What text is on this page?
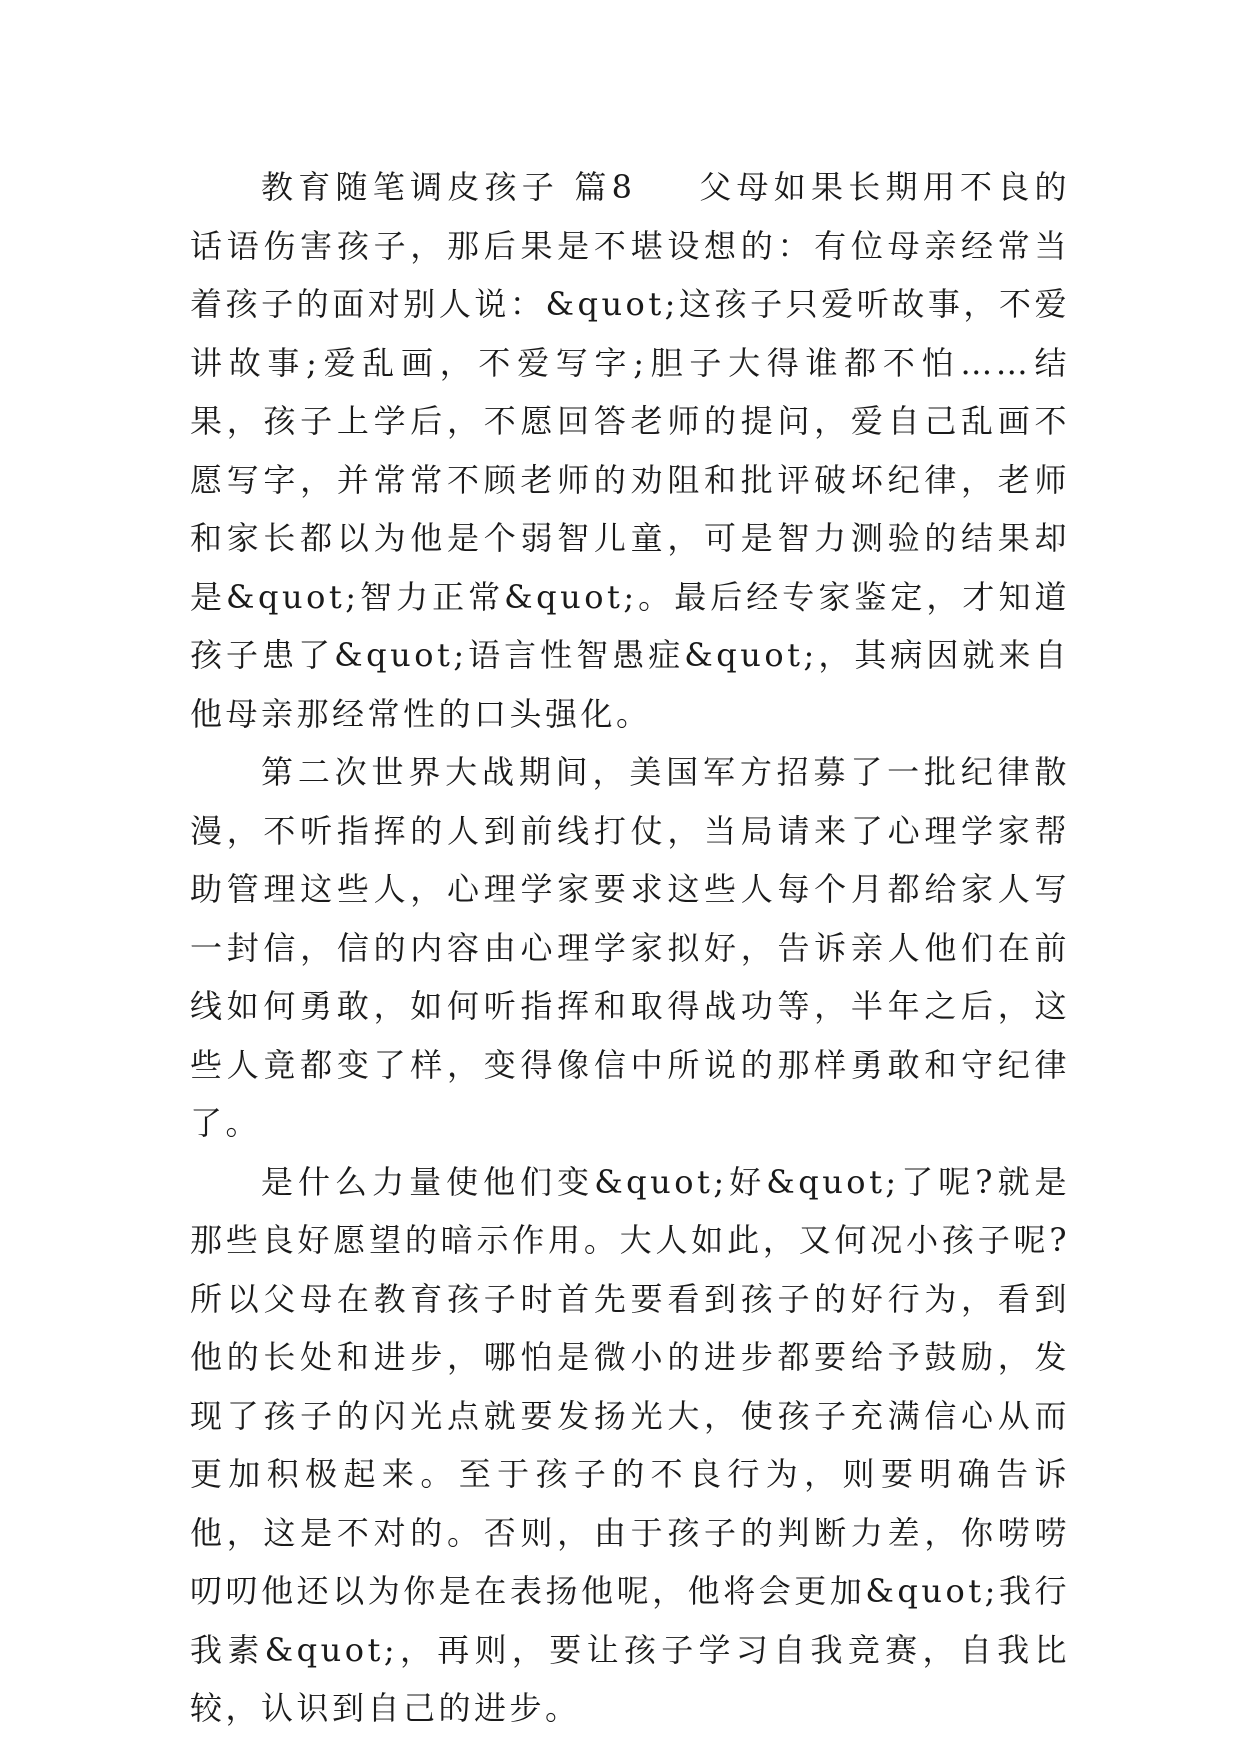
教育随笔调皮孩子 篇8 父母如果长期用不良的话语伤害孩子，那后果是不堪设想的：有位母亲经常当着孩子的面对别人说：&quot;这孩子只爱听故事，不爱讲故事;爱乱画，不爱写字;胆子大得谁都不怕……结果，孩子上学后，不愿回答老师的提问，爱自己乱画不愿写字，并常常不顾老师的劝阻和批评破坏纪律，老师和家长都以为他是个弱智儿童，可是智力测验的结果却是&quot;智力正常&quot;。最后经专家鉴定，才知道孩子患了&quot;语言性智愚症&quot;，其病因就来自他母亲那经常性的口头强化。

第二次世界大战期间，美国军方招募了一批纪律散漫，不听指挥的人到前线打仗，当局请来了心理学家帮助管理这些人，心理学家要求这些人每个月都给家人写一封信，信的内容由心理学家拟好，告诉亲人他们在前线如何勇敢，如何听指挥和取得战功等，半年之后，这些人竟都变了样，变得像信中所说的那样勇敢和守纪律了。

是什么力量使他们变&quot;好&quot;了呢?就是那些良好愿望的暗示作用。大人如此，又何况小孩子呢?所以父母在教育孩子时首先要看到孩子的好行为，看到他的长处和进步，哪怕是微小的进步都要给予鼓励，发现了孩子的闪光点就要发扬光大，使孩子充满信心从而更加积极起来。至于孩子的不良行为，则要明确告诉他，这是不对的。否则，由于孩子的判断力差，你唠唠叨叨他还以为你是在表扬他呢，他将会更加&quot;我行我素&quot;，再则，要让孩子学习自我竞赛，自我比较，认识到自己的进步。
